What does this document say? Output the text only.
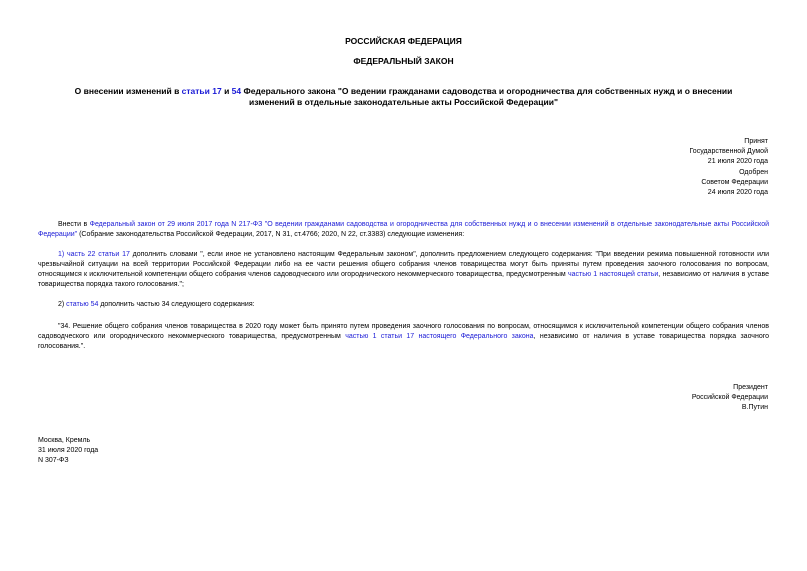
РОССИЙСКАЯ ФЕДЕРАЦИЯ
ФЕДЕРАЛЬНЫЙ ЗАКОН
О внесении изменений в статьи 17 и 54 Федерального закона "О ведении гражданами садоводства и огородничества для собственных нужд и о внесении изменений в отдельные законодательные акты Российской Федерации"
Принят
Государственной Думой
21 июля 2020 года
Одобрен
Советом Федерации
24 июля 2020 года
Внести в Федеральный закон от 29 июля 2017 года N 217-ФЗ "О ведении гражданами садоводства и огородничества для собственных нужд и о внесении изменений в отдельные законодательные акты Российской Федерации" (Собрание законодательства Российской Федерации, 2017, N 31, ст.4766; 2020, N 22, ст.3383) следующие изменения:
1) часть 22 статьи 17 дополнить словами ", если иное не установлено настоящим Федеральным законом", дополнить предложением следующего содержания: "При введении режима повышенной готовности или чрезвычайной ситуации на всей территории Российской Федерации либо на ее части решения общего собрания членов товарищества могут быть приняты путем проведения заочного голосования по вопросам, относящимся к исключительной компетенции общего собрания членов садоводческого или огороднического некоммерческого товарищества, предусмотренным частью 1 настоящей статьи, независимо от наличия в уставе товарищества порядка такого голосования.";
2) статью 54 дополнить частью 34 следующего содержания:
"34. Решение общего собрания членов товарищества в 2020 году может быть принято путем проведения заочного голосования по вопросам, относящимся к исключительной компетенции общего собрания членов садоводческого или огороднического некоммерческого товарищества, предусмотренным частью 1 статьи 17 настоящего Федерального закона, независимо от наличия в уставе товарищества порядка заочного голосования.".
Президент
Российской Федерации
В.Путин
Москва, Кремль
31 июля 2020 года
N 307-ФЗ
